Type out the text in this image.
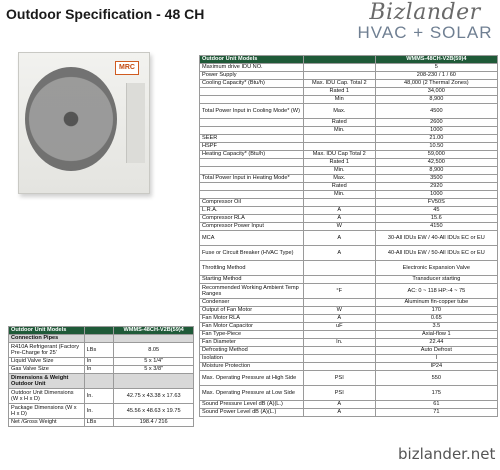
Outdoor Specification - 48 CH	Bizlander
HVAC + SOLAR
MRC
Outdoor Unit Models		WMMS-48CH-V2B(59)4
Maximum drive IDU NO.		5
Power Supply		208-230 / 1 / 60
Cooling Capacity* (Btu/h)	Max. IDU Cap. Total 2	48,000 (2 Thermal Zones)
	Rated 1	34,000
	Min	8,900
Total Power Input in Cooling Mode* (W)	Max.	4500
	Rated	2600
	Min.	1000
SEER		21.00
HSPF		10.50
Heating Capacity* (Btu/h)	Max. IDU Cap Total 2	59,000
	Rated 1	42,500
	Min.	8,900
Total Power Input in Heating Mode*	Max.	3500
	Rated	2920
	Min.	1000
Compressor Oil		FV50S
L.R.A.	A	45
Compressor RLA	A	15.6
Compressor Power Input	W	4150
MCA	A	30-All IDUs EW / 40-All IDUs EC or EU
Fuse or Circuit Breaker (HVAC Type)	A	40-All IDUs EW / 50-All IDUs EC or EU
Throttling Method		Electronic Expansion Valve
Starting Method		Transducer starting
Recommended Working Ambient Temp Ranges	°F	AC: 0 ~ 118 HP:-4 ~ 75
Condenser		Aluminum fin-copper tube
Output of Fan Motor	W	170
Fan Motor RLA	A	0.65
Fan Motor Capacitor	uF	3.5
Fan Type-Piece		Axial-flow 1
Fan Diameter	In.	22.44
Defrosting Method		Auto Defrost
Isolation		I
Moisture Protection		IP24
Max. Operating Pressure at High Side	PSI	550
Max. Operating Pressure at Low Side	PSI	175
Sound Pressure Level dB (A)(L.)	A	61
Sound Power Level dB (A)(L.)	A	71
Outdoor Unit Models		WMMS-48CH-V2B(59)4
Connection Pipes		
R410A Refrigerant (Factory Pre-Charge for 25'	LBs	8.05
Liquid Valve Size	In	5 x 1/4"
Gas Valve Size	In	5 x 3/8"
Dimensions & Weight Outdoor Unit		
Outdoor Unit Dimensions (W x H x D)	In.	42.75 x 43.38 x 17.63
Package Dimensions (W x H x D)	In.	45.56 x 48.63 x 19.75
Net /Gross Weight	LBs	198.4 / 216
bizlander.net
